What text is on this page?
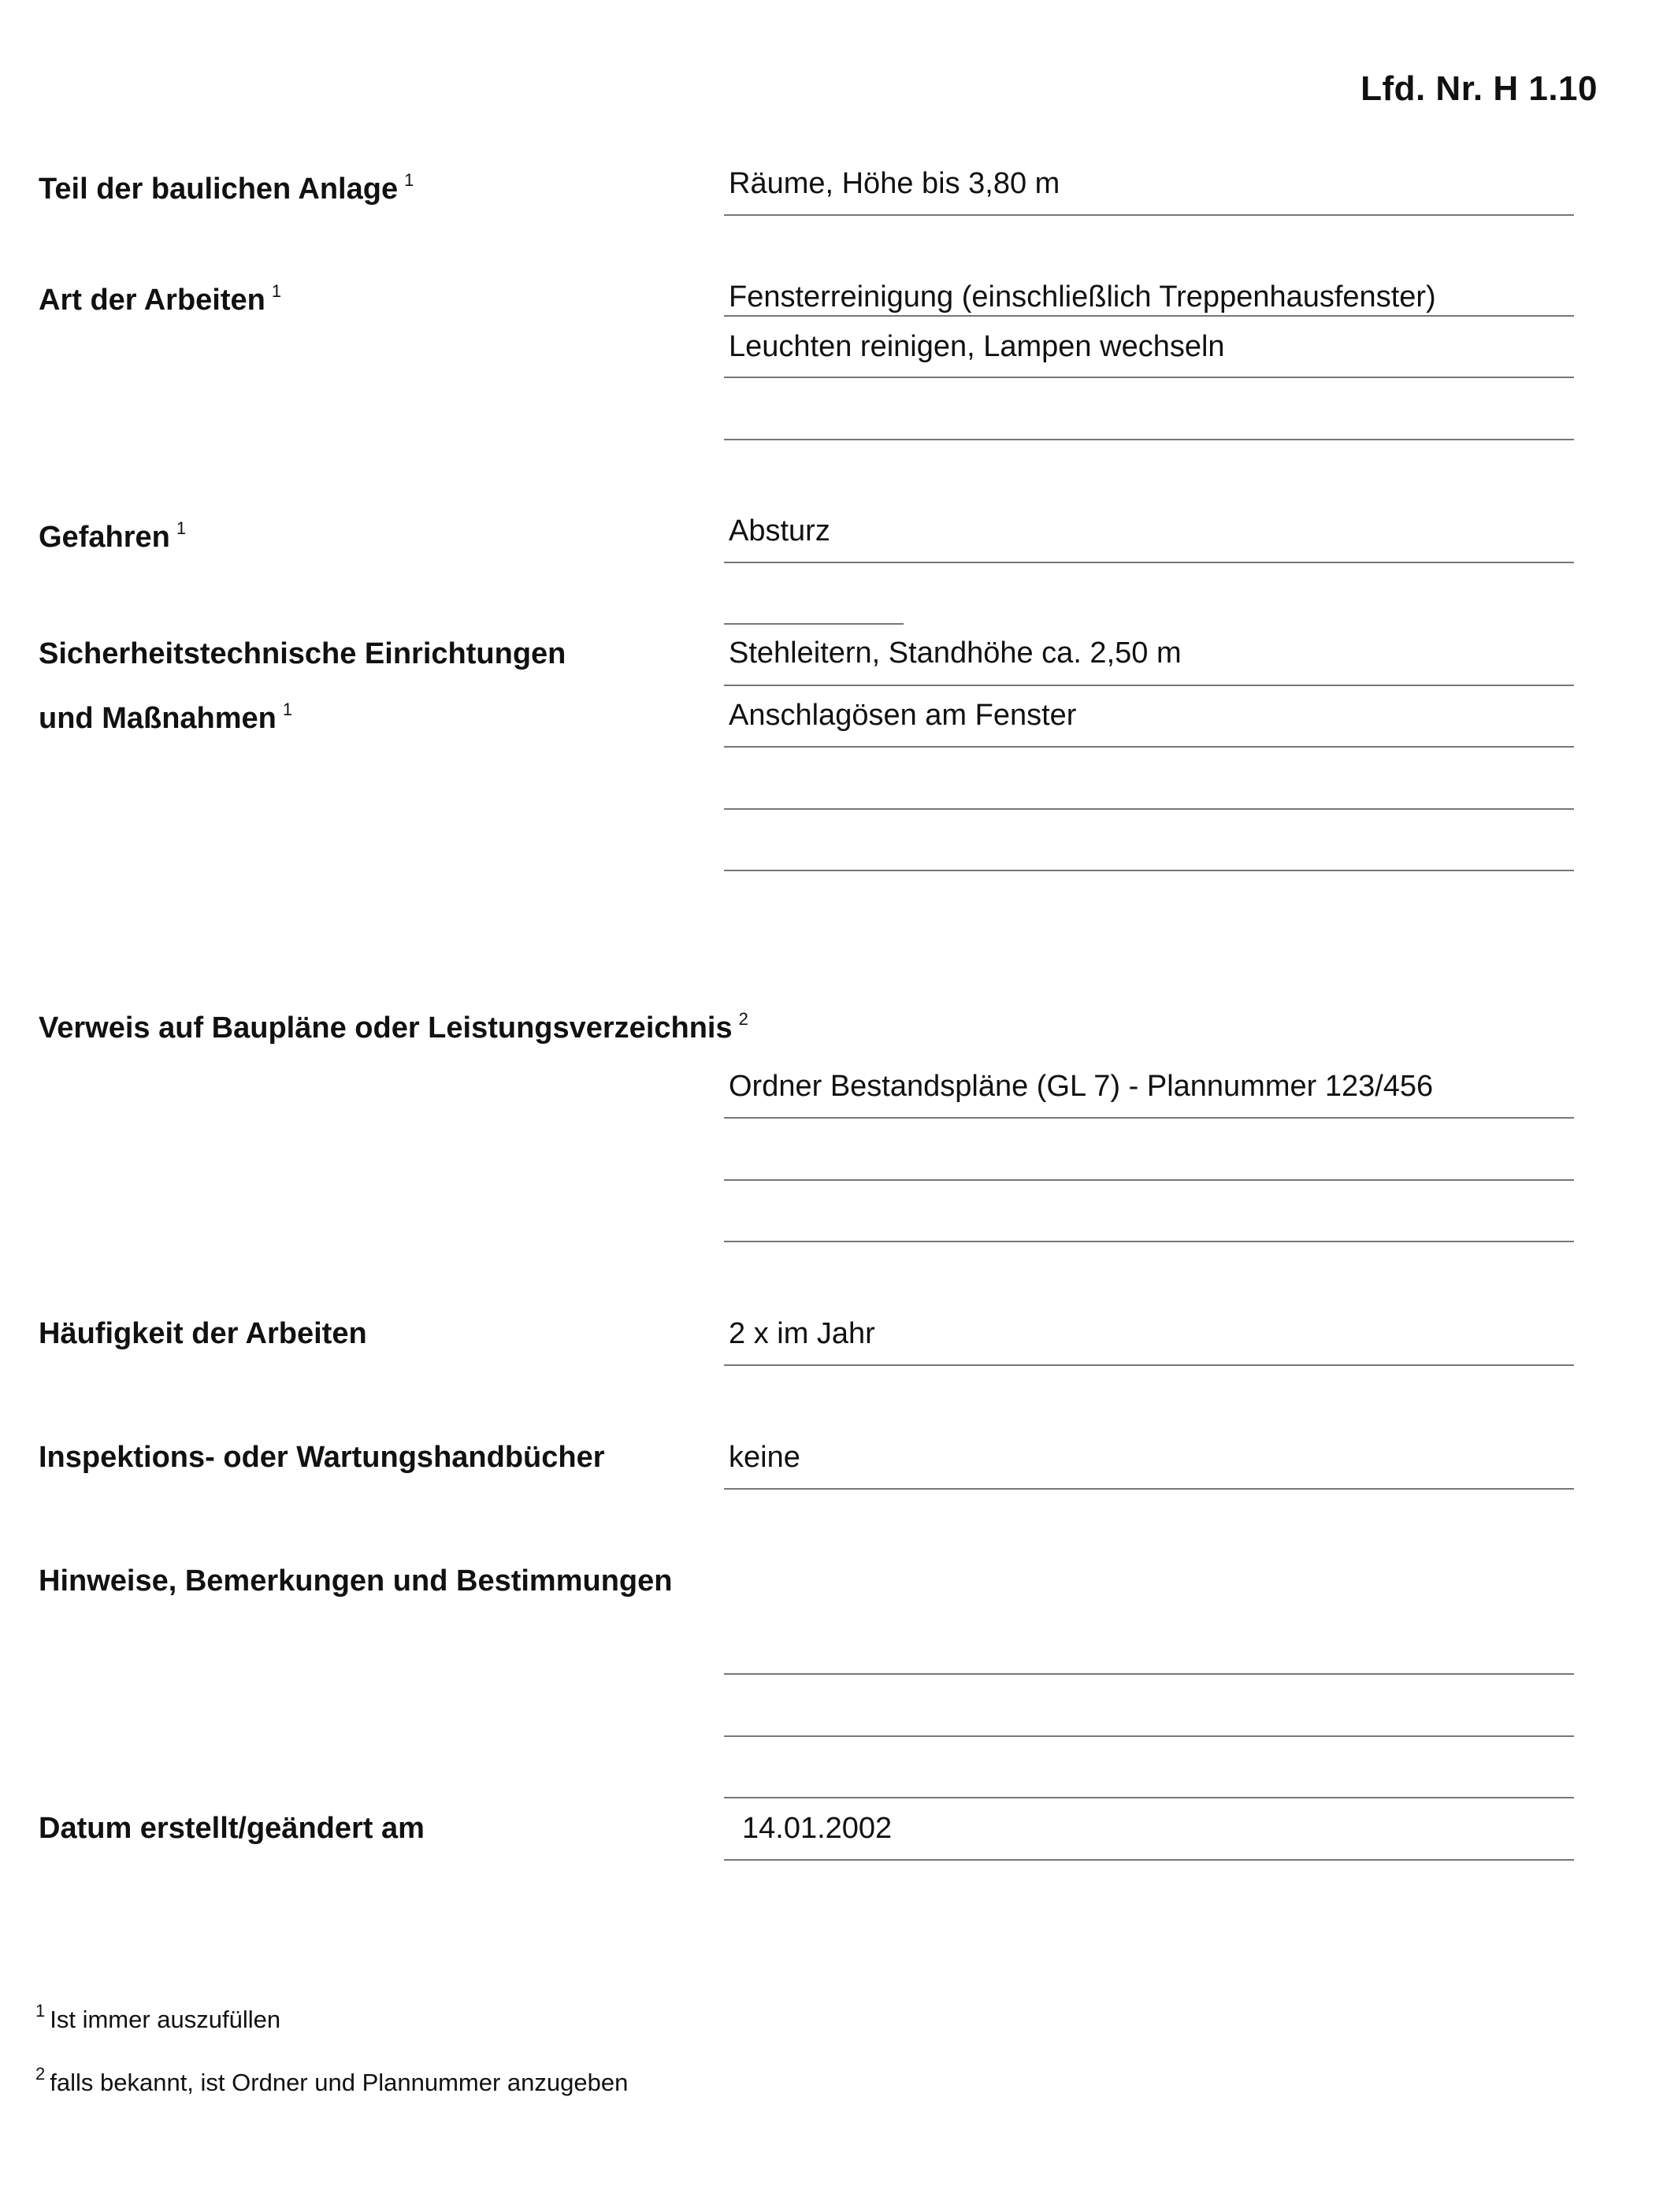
Lfd. Nr. H 1.10
Teil der baulichen Anlage $^1$	Räume, Höhe bis 3,80 m
Art der Arbeiten $^1$	Fensterreinigung (einschließlich Treppenhausfenster)
Leuchten reinigen, Lampen wechseln
Gefahren $^1$	Absturz
Sicherheitstechnische Einrichtungen
und Maßnahmen $^1$
Stehleitern, Standhöhe ca. 2,50 m
Anschlagösen am Fenster
Verweis auf Baupläne oder Leistungsverzeichnis $^2$
Ordner Bestandspläne (GL 7) - Plannummer 123/456
Häufigkeit der Arbeiten	2 x im Jahr
Inspektions- oder Wartungshandbücher	keine
Hinweise, Bemerkungen und Bestimmungen
Datum erstellt/geändert am	14.01.2002
$^1$ Ist immer auszufüllen
$^2$ falls bekannt, ist Ordner und Plannummer anzugeben
